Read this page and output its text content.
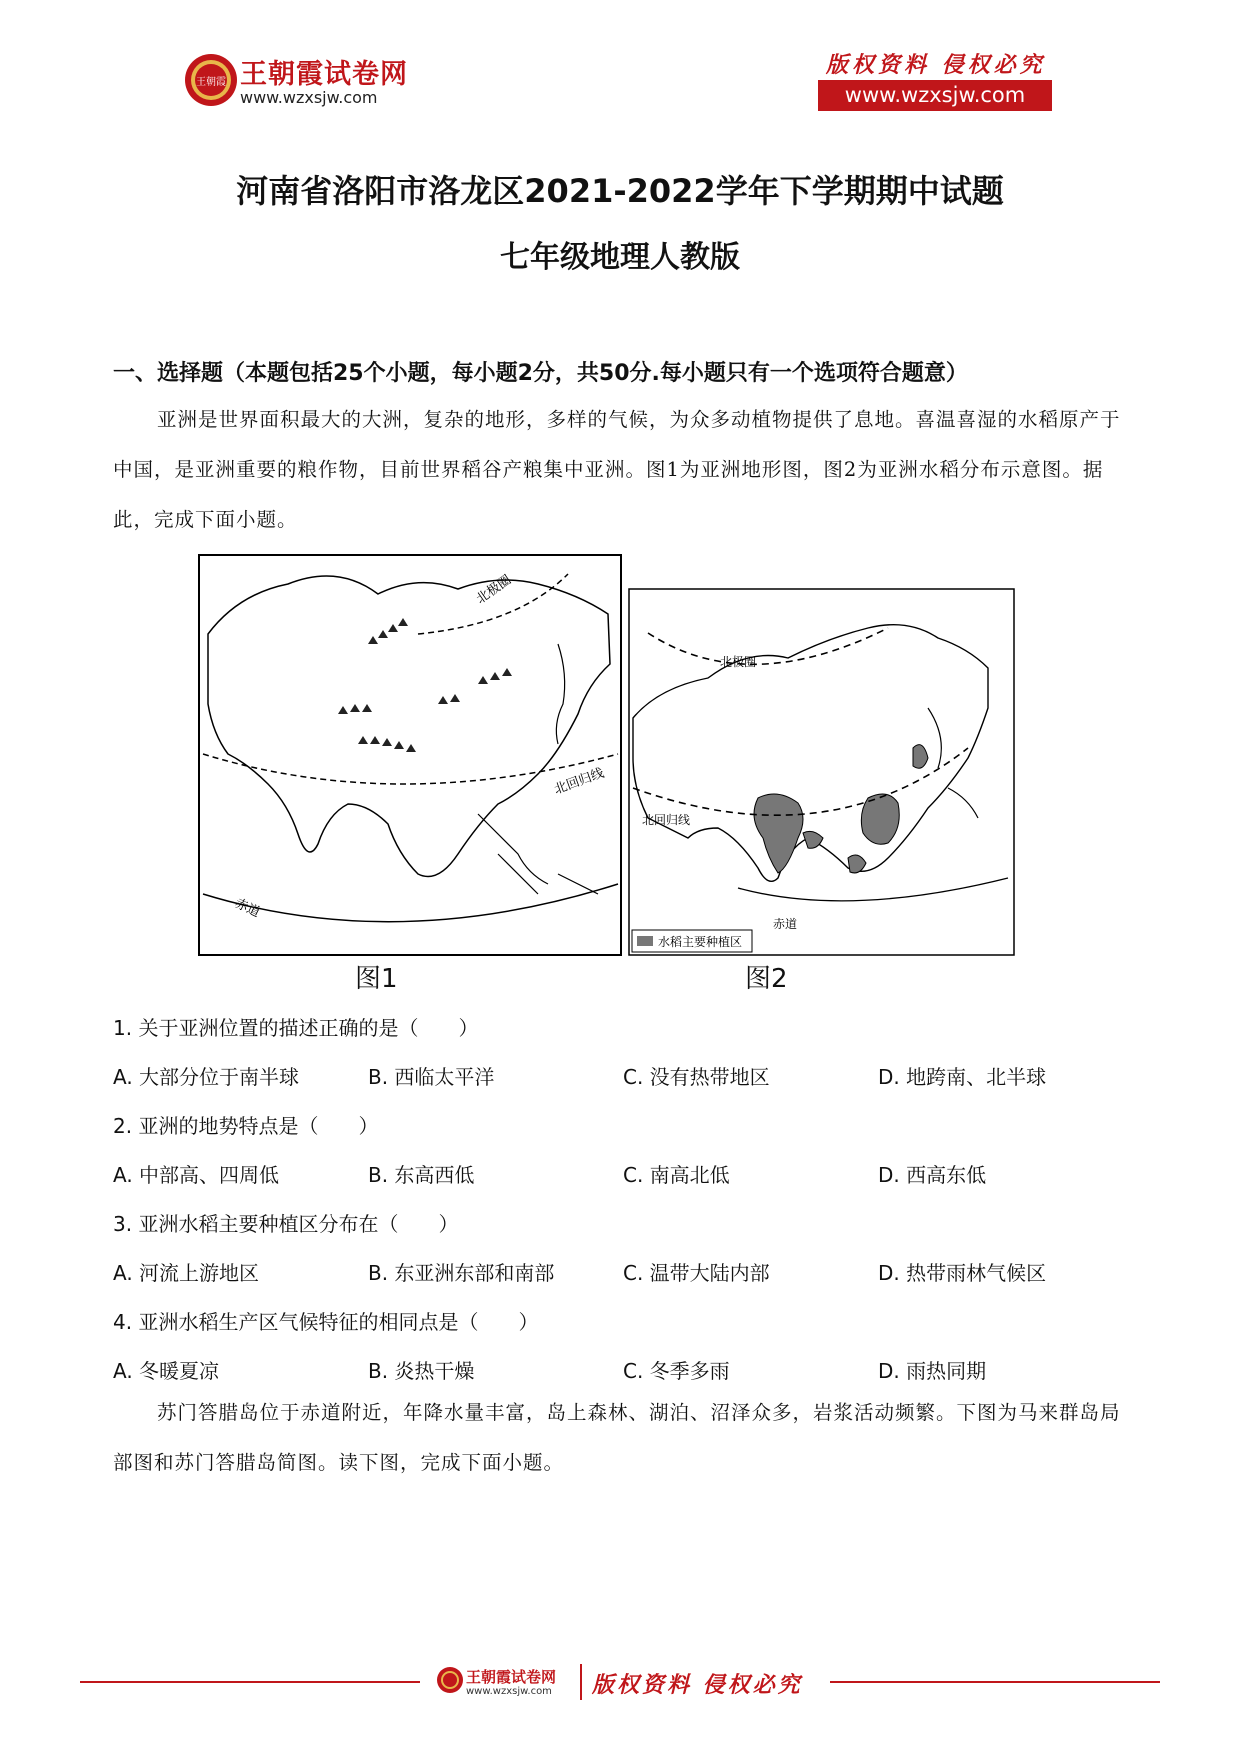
王朝霞 王朝霞试卷网
www.wzxsjw.com
版权资料 侵权必究
www.wzxsjw.com
河南省洛阳市洛龙区2021-2022学年下学期期中试题
七年级地理人教版
一、选择题（本题包括25个小题，每小题2分，共50分.每小题只有一个选项符合题意）
亚洲是世界面积最大的大洲，复杂的地形，多样的气候，为众多动植物提供了息地。喜温喜湿的水稻原产于中国，是亚洲重要的粮作物，目前世界稻谷产粮集中亚洲。图1为亚洲地形图，图2为亚洲水稻分布示意图。据此，完成下面小题。
北极圈
北回归线
赤道
图1
北极圈
北回归线
赤道
水稻主要种植区
图2
1. 关于亚洲位置的描述正确的是（　　）
A. 大部分位于南半球	B. 西临太平洋	C. 没有热带地区	D. 地跨南、北半球
2. 亚洲的地势特点是（　　）
A. 中部高、四周低	B. 东高西低	C. 南高北低	D. 西高东低
3. 亚洲水稻主要种植区分布在（　　）
A. 河流上游地区	B. 东亚洲东部和南部	C. 温带大陆内部	D. 热带雨林气候区
4. 亚洲水稻生产区气候特征的相同点是（　　）
A. 冬暖夏凉	B. 炎热干燥	C. 冬季多雨	D. 雨热同期
苏门答腊岛位于赤道附近，年降水量丰富，岛上森林、湖泊、沼泽众多，岩浆活动频繁。下图为马来群岛局部图和苏门答腊岛简图。读下图，完成下面小题。
王朝霞试卷网
www.wzxsjw.com 版权资料 侵权必究
